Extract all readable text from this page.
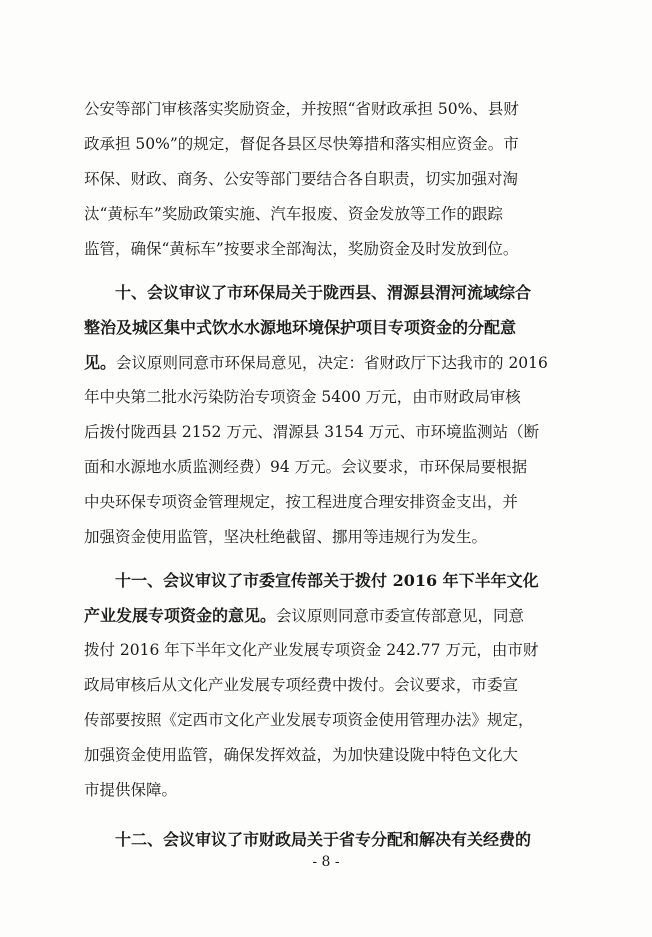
公安等部门审核落实奖励资金，并按照“省财政承担 50%、县财
政承担 50%”的规定，督促各县区尽快筹措和落实相应资金。市
环保、财政、商务、公安等部门要结合各自职责，切实加强对淘
汰“黄标车”奖励政策实施、汽车报废、资金发放等工作的跟踪
监管，确保“黄标车”按要求全部淘汰，奖励资金及时发放到位。
十、会议审议了市环保局关于陇西县、渭源县渭河流域综合
整治及城区集中式饮水水源地环境保护项目专项资金的分配意
见。会议原则同意市环保局意见，决定：省财政厅下达我市的 2016
年中央第二批水污染防治专项资金 5400 万元，由市财政局审核
后拨付陇西县 2152 万元、渭源县 3154 万元、市环境监测站（断
面和水源地水质监测经费）94 万元。会议要求，市环保局要根据
中央环保专项资金管理规定，按工程进度合理安排资金支出，并
加强资金使用监管，坚决杜绝截留、挪用等违规行为发生。
十一、会议审议了市委宣传部关于拨付 2016 年下半年文化
产业发展专项资金的意见。会议原则同意市委宣传部意见，同意
拨付 2016 年下半年文化产业发展专项资金 242.77 万元，由市财
政局审核后从文化产业发展专项经费中拨付。会议要求，市委宣
传部要按照《定西市文化产业发展专项资金使用管理办法》规定，
加强资金使用监管，确保发挥效益，为加快建设陇中特色文化大
市提供保障。
十二、会议审议了市财政局关于省专分配和解决有关经费的
- 8 -
